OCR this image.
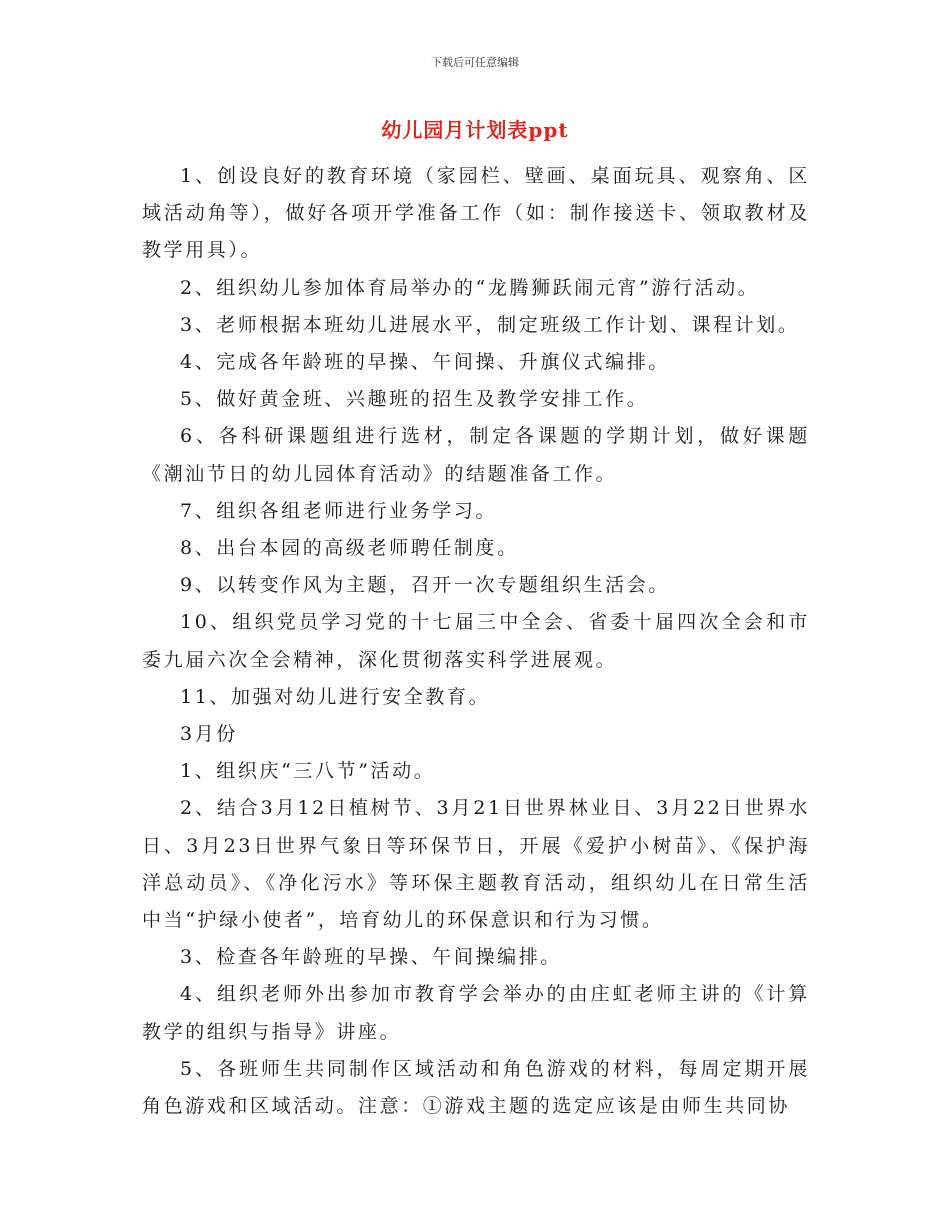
下载后可任意编辑
幼儿园月计划表ppt

1、创设良好的教育环境（家园栏、壁画、桌面玩具、观察角、区域活动角等），做好各项开学准备工作（如：制作接送卡、领取教材及教学用具）。

2、组织幼儿参加体育局举办的“龙腾狮跃闹元宵”游行活动。

3、老师根据本班幼儿进展水平，制定班级工作计划、课程计划。

4、完成各年龄班的早操、午间操、升旗仪式编排。

5、做好黄金班、兴趣班的招生及教学安排工作。

6、各科研课题组进行选材，制定各课题的学期计划，做好课题《潮汕节日的幼儿园体育活动》的结题准备工作。

7、组织各组老师进行业务学习。

8、出台本园的高级老师聘任制度。

9、以转变作风为主题，召开一次专题组织生活会。

10、组织党员学习党的十七届三中全会、省委十届四次全会和市委九届六次全会精神，深化贯彻落实科学进展观。

11、加强对幼儿进行安全教育。

3月份

1、组织庆“三八节”活动。

2、结合3月12日植树节、3月21日世界林业日、3月22日世界水日、3月23日世界气象日等环保节日，开展《爱护小树苗》、《保护海洋总动员》、《净化污水》等环保主题教育活动，组织幼儿在日常生活中当“护绿小使者”，培育幼儿的环保意识和行为习惯。

3、检查各年龄班的早操、午间操编排。

4、组织老师外出参加市教育学会举办的由庄虹老师主讲的《计算教学的组织与指导》讲座。

5、各班师生共同制作区域活动和角色游戏的材料，每周定期开展角色游戏和区域活动。注意：①游戏主题的选定应该是由师生共同协
